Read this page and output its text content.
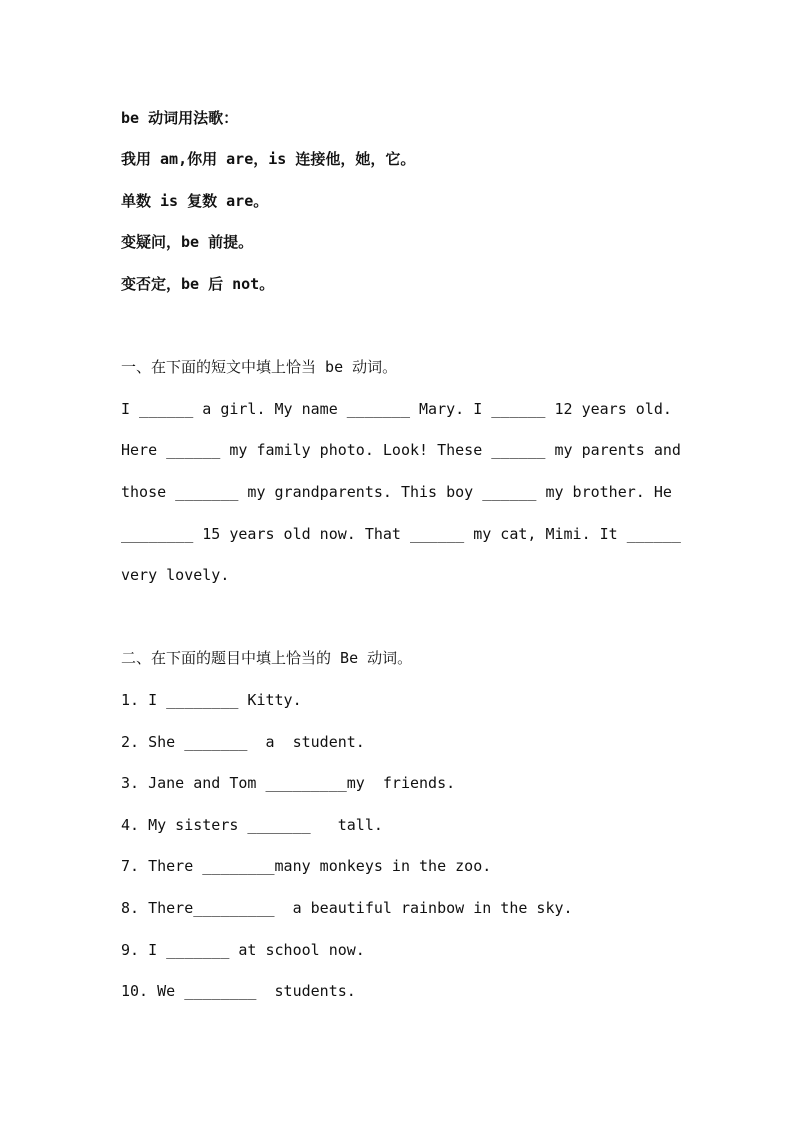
be 动词用法歌：
我用 am,你用 are，is 连接他，她，它。
单数 is 复数 are。
变疑问，be 前提。
变否定，be 后 not。
一、在下面的短文中填上恰当 be 动词。
I ______ a girl. My name _______ Mary. I ______ 12 years old.
Here ______ my family photo. Look! These ______ my parents and
those _______ my grandparents. This boy ______ my brother. He
________ 15 years old now. That ______ my cat, Mimi. It ______
very lovely.
二、在下面的题目中填上恰当的 Be 动词。
1. I ________ Kitty.
2. She _______  a  student.
3. Jane and Tom _________my  friends.
4. My sisters _______   tall.
7. There ________many monkeys in the zoo.
8. There_________  a beautiful rainbow in the sky.
9. I _______ at school now.
10. We ________  students.
